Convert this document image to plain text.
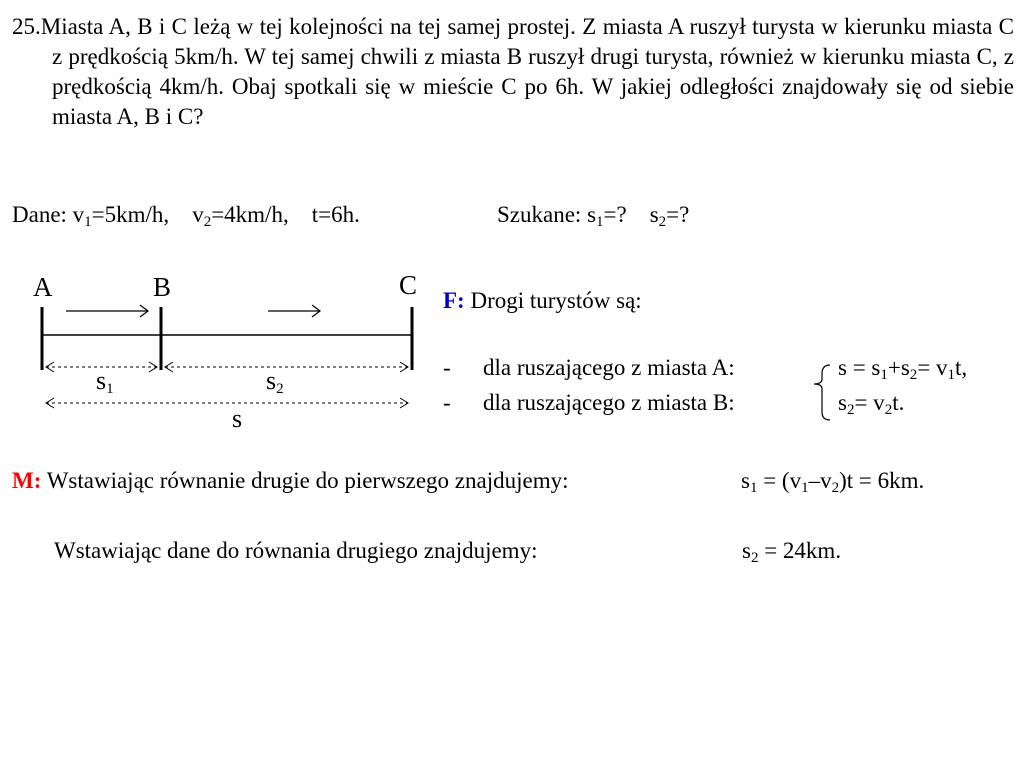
25.Miasta A, B i C leżą w tej kolejności na tej samej prostej. Z miasta A ruszył turysta w kierunku miasta C z prędkością 5km/h. W tej samej chwili z miasta B ruszył drugi turysta, również w kierunku miasta C, z prędkością 4km/h. Obaj spotkali się w mieście C po 6h. W jakiej odległości znajdowały się od siebie miasta A, B i C?
Dane: $v_1=5km/h$, $v_2=4km/h$, t=6h.	Szukane: $s_1=$? $s_2=$?
A	B	C
$s_1$	$s_2$
s
F: Drogi turystów są:
- dla ruszającego z miasta A:
- dla ruszającego z miasta B:
$s = s_1+s_2= v_1t$,
$s_2= v_2t$.
M: Wstawiając równanie drugie do pierwszego znajdujemy:	$s_1 = (v_1-v_2)t = 6km$.
Wstawiając dane do równania drugiego znajdujemy:	$s_2 = 24km$.
